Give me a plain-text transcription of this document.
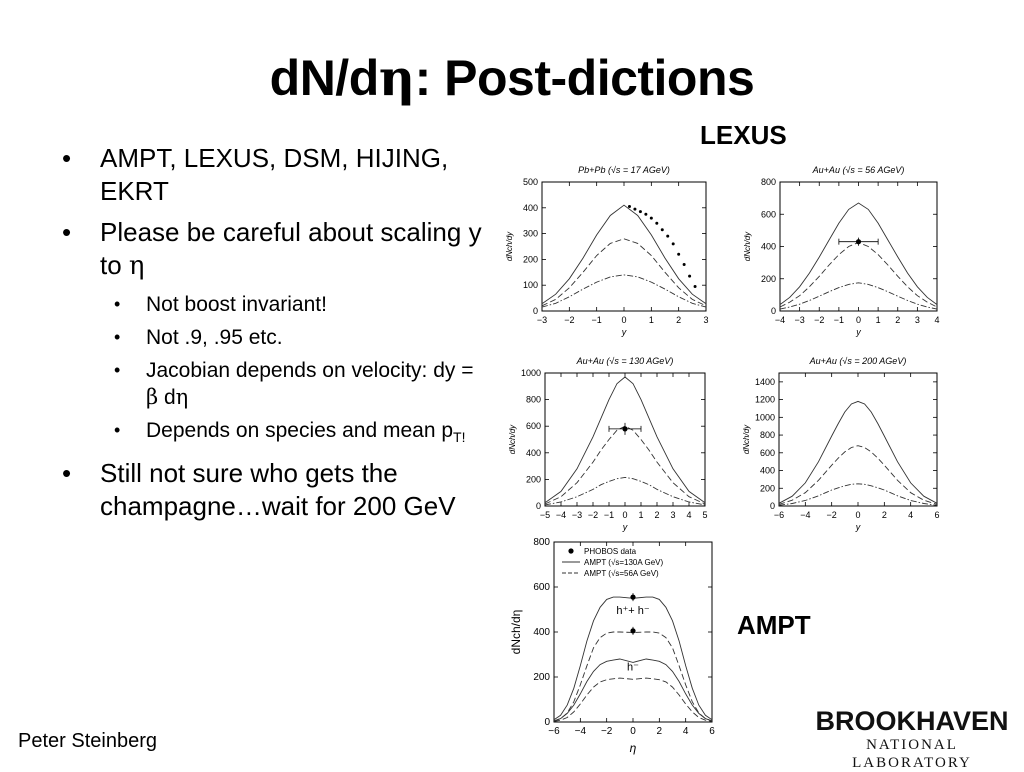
dN/dη: Post-dictions
• AMPT, LEXUS, DSM, HIJING, EKRT
• Please be careful about scaling y to η
• Not boost invariant!
• Not .9, .95 etc.
• Jacobian depends on velocity: dy = β dη
• Depends on species and mean $p_{T!}$
• Still not sure who gets the champagne…wait for 200 GeV
LEXUS
AMPT
Pb+Pb (√s = 17 AGeV)
−3 −2 −1 0 1 2 3
0
100
200
300
400
500
y
dNch/dy
Au+Au (√s = 56 AGeV)
−4 −3 −2 −1 0 1 2 3 4
0
200
400
600
800
y
dNch/dy
Au+Au (√s = 130 AGeV)
−5 −4 −3 −2 −1 0 1 2 3 4 5
0
200
400
600
800
1000
y
dNch/dy
Au+Au (√s = 200 AGeV)
−6 −4 −2 0 2 4 6
0
200
400
600
800
1000
1200
1400
y
dNch/dy
−6 −4 −2 0 2 4 6
0
200
400
600
800
η
dNch/dη	h⁺+ h⁻
h⁻
PHOBOS data
AMPT (√s=130A GeV)
AMPT (√s=56A GeV)
BROOKHAVEN
NATIONAL LABORATORY
Peter Steinberg
